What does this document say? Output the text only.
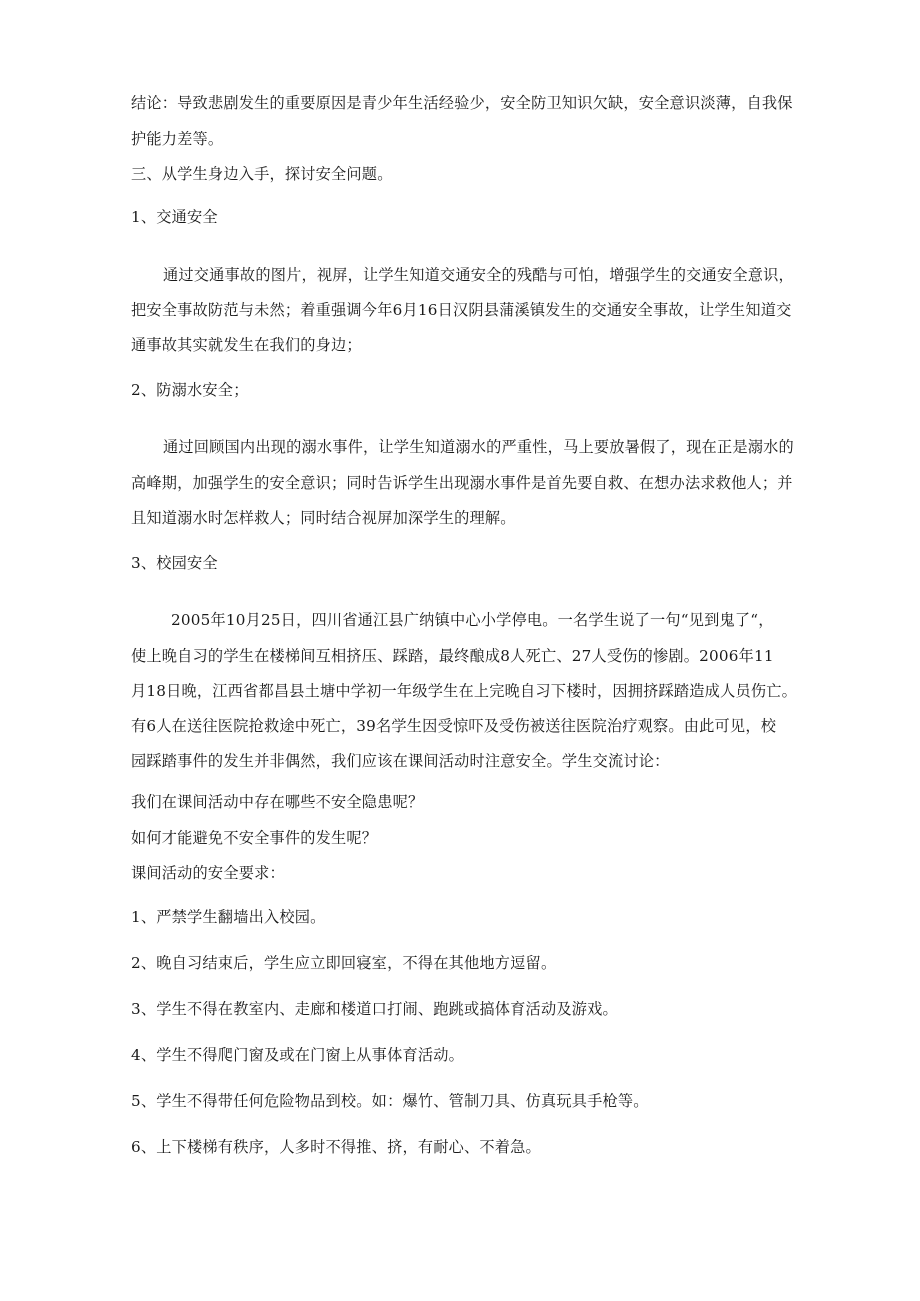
结论：导致悲剧发生的重要原因是青少年生活经验少，安全防卫知识欠缺，安全意识淡薄，自我保

护能力差等。

三、从学生身边入手，探讨安全问题。

1、交通安全

通过交通事故的图片，视屏，让学生知道交通安全的残酷与可怕，增强学生的交通安全意识，

把安全事故防范与未然；着重强调今年6月16日汉阴县蒲溪镇发生的交通安全事故，让学生知道交

通事故其实就发生在我们的身边；

2、防溺水安全；

通过回顾国内出现的溺水事件，让学生知道溺水的严重性，马上要放暑假了，现在正是溺水的

高峰期，加强学生的安全意识；同时告诉学生出现溺水事件是首先要自救、在想办法求救他人；并

且知道溺水时怎样救人；同时结合视屏加深学生的理解。

3、校园安全

2005年10月25日，四川省通江县广纳镇中心小学停电。一名学生说了一句“见到鬼了“，

使上晚自习的学生在楼梯间互相挤压、踩踏，最终酿成8人死亡、27人受伤的惨剧。2006年11

月18日晚，江西省都昌县土塘中学初一年级学生在上完晚自习下楼时，因拥挤踩踏造成人员伤亡。

有6人在送往医院抢救途中死亡，39名学生因受惊吓及受伤被送往医院治疗观察。由此可见，校

园踩踏事件的发生并非偶然，我们应该在课间活动时注意安全。学生交流讨论：

我们在课间活动中存在哪些不安全隐患呢？

如何才能避免不安全事件的发生呢？

课间活动的安全要求：

1、严禁学生翻墙出入校园。

2、晚自习结束后，学生应立即回寝室，不得在其他地方逗留。

3、学生不得在教室内、走廊和楼道口打闹、跑跳或搞体育活动及游戏。

4、学生不得爬门窗及或在门窗上从事体育活动。

5、学生不得带任何危险物品到校。如：爆竹、管制刀具、仿真玩具手枪等。

6、上下楼梯有秩序，人多时不得推、挤，有耐心、不着急。
